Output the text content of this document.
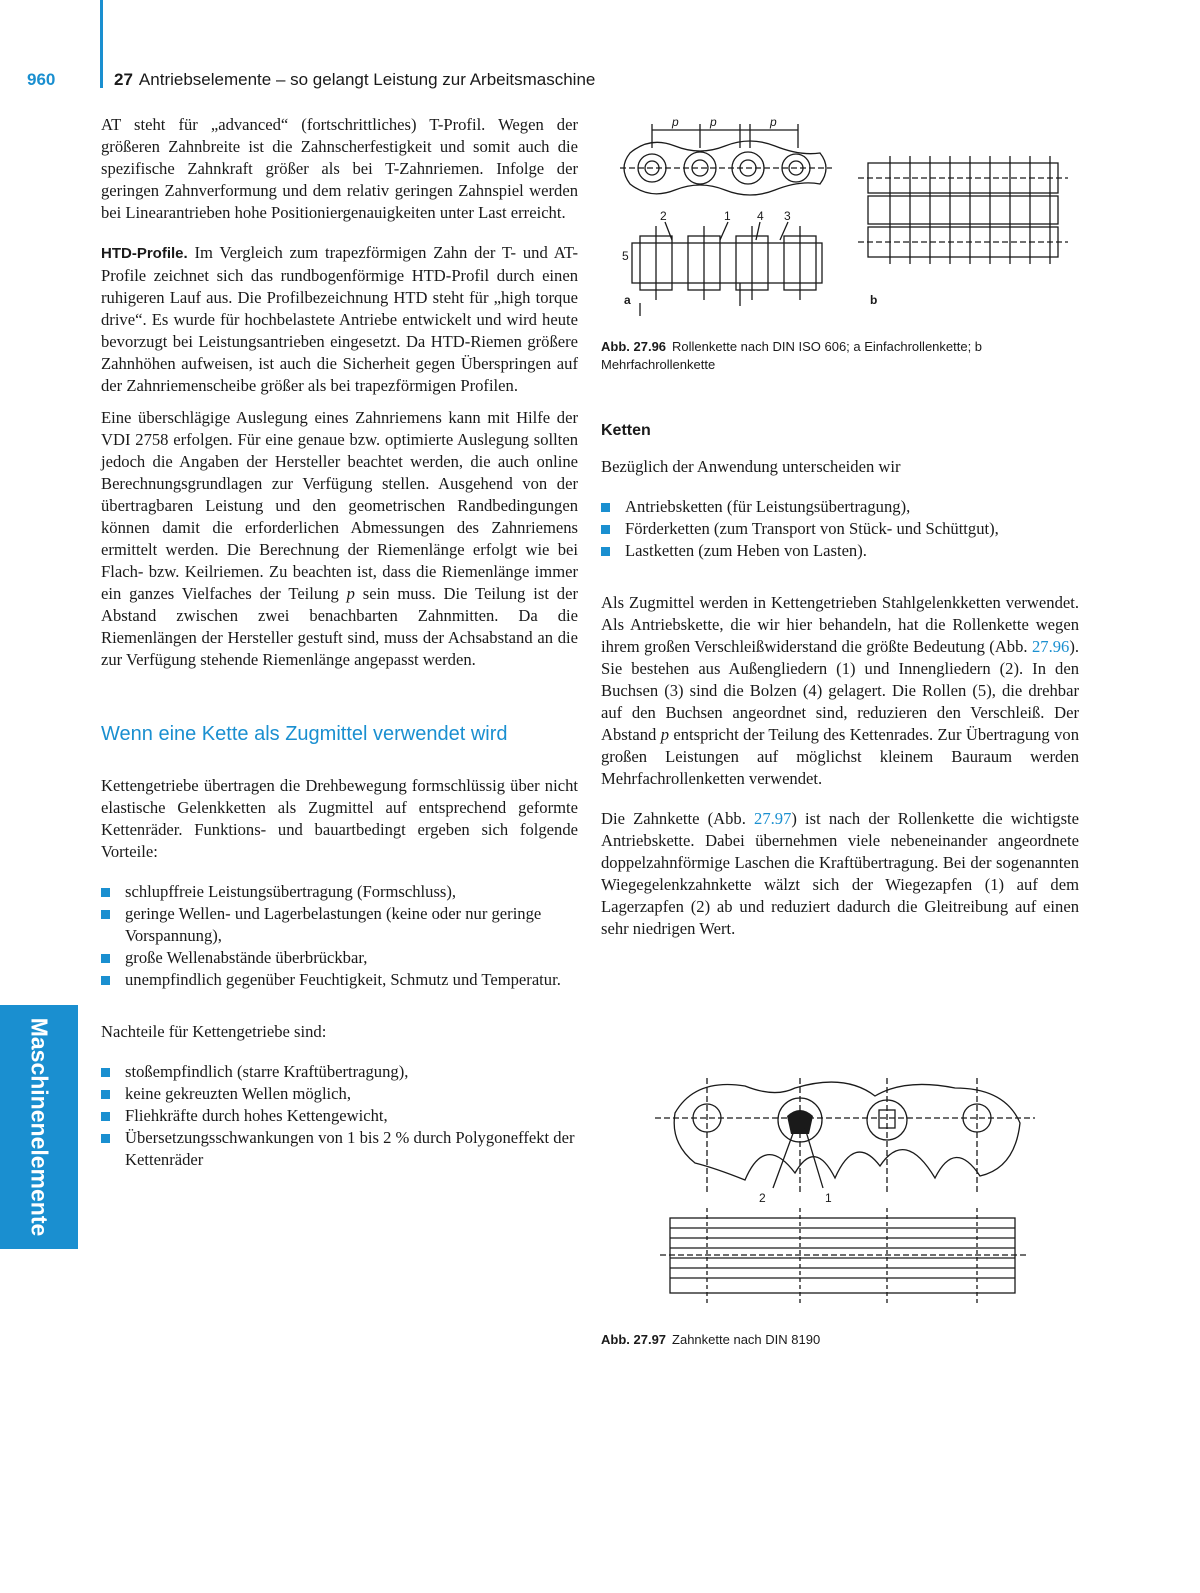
960	27 Antriebselemente – so gelangt Leistung zur Arbeitsmaschine
Maschinenelemente

AT steht für „advanced“ (fortschrittliches) T-Profil. Wegen der größeren Zahnbreite ist die Zahnscherfestigkeit und somit auch die spezifische Zahnkraft größer als bei T-Zahnriemen. Infolge der geringen Zahnverformung und dem relativ geringen Zahnspiel werden bei Linearantrieben hohe Positioniergenauigkeiten unter Last erreicht.

HTD-Profile. Im Vergleich zum trapezförmigen Zahn der T- und AT-Profile zeichnet sich das rundbogenförmige HTD-Profil durch einen ruhigeren Lauf aus. Die Profilbezeichnung HTD steht für „high torque drive“. Es wurde für hochbelastete Antriebe entwickelt und wird heute bevorzugt bei Leistungsantrieben eingesetzt. Da HTD-Riemen größere Zahnhöhen aufweisen, ist auch die Sicherheit gegen Überspringen auf der Zahnriemenscheibe größer als bei trapezförmigen Profilen.

Eine überschlägige Auslegung eines Zahnriemens kann mit Hilfe der VDI 2758 erfolgen. Für eine genaue bzw. optimierte Auslegung sollten jedoch die Angaben der Hersteller beachtet werden, die auch online Berechnungsgrundlagen zur Verfügung stellen. Ausgehend von der übertragbaren Leistung und den geometrischen Randbedingungen können damit die erforderlichen Abmessungen des Zahnriemens ermittelt werden. Die Berechnung der Riemenlänge erfolgt wie bei Flach- bzw. Keilriemen. Zu beachten ist, dass die Riemenlänge immer ein ganzes Vielfaches der Teilung p sein muss. Die Teilung ist der Abstand zwischen zwei benachbarten Zahnmitten. Da die Riemenlängen der Hersteller gestuft sind, muss der Achsabstand an die zur Verfügung stehende Riemenlänge angepasst werden.

Wenn eine Kette als Zugmittel verwendet wird

Kettengetriebe übertragen die Drehbewegung formschlüssig über nicht elastische Gelenkketten als Zugmittel auf entsprechend geformte Kettenräder. Funktions- und bauartbedingt ergeben sich folgende Vorteile:

schlupffreie Leistungsübertragung (Formschluss),
geringe Wellen- und Lagerbelastungen (keine oder nur geringe Vorspannung),
große Wellenabstände überbrückbar,
unempfindlich gegenüber Feuchtigkeit, Schmutz und Temperatur.

Nachteile für Kettengetriebe sind:

stoßempfindlich (starre Kraftübertragung),
keine gekreuzten Wellen möglich,
Fliehkräfte durch hohes Kettengewicht,
Übersetzungsschwankungen von 1 bis 2 % durch Polygoneffekt der Kettenräder
p	p	p
2	1 4 3
5
a	b
Abb. 27.96 Rollenkette nach DIN ISO 606; a Einfachrollenkette; b Mehrfachrollenkette
Ketten

Bezüglich der Anwendung unterscheiden wir

Antriebsketten (für Leistungsübertragung),
Förderketten (zum Transport von Stück- und Schüttgut),
Lastketten (zum Heben von Lasten).

Als Zugmittel werden in Kettengetrieben Stahlgelenkketten verwendet. Als Antriebskette, die wir hier behandeln, hat die Rollenkette wegen ihrem großen Verschleißwiderstand die größte Bedeutung (Abb. 27.96). Sie bestehen aus Außengliedern (1) und Innengliedern (2). In den Buchsen (3) sind die Bolzen (4) gelagert. Die Rollen (5), die drehbar auf den Buchsen angeordnet sind, reduzieren den Verschleiß. Der Abstand p entspricht der Teilung des Kettenrades. Zur Übertragung von großen Leistungen auf möglichst kleinem Bauraum werden Mehrfachrollenketten verwendet.

Die Zahnkette (Abb. 27.97) ist nach der Rollenkette die wichtigste Antriebskette. Dabei übernehmen viele nebeneinander angeordnete doppelzahnförmige Laschen die Kraftübertragung. Bei der sogenannten Wiegegelenkzahnkette wälzt sich der Wiegezapfen (1) auf dem Lagerzapfen (2) ab und reduziert dadurch die Gleitreibung auf einen sehr niedrigen Wert.

2	1
Abb. 27.97 Zahnkette nach DIN 8190
